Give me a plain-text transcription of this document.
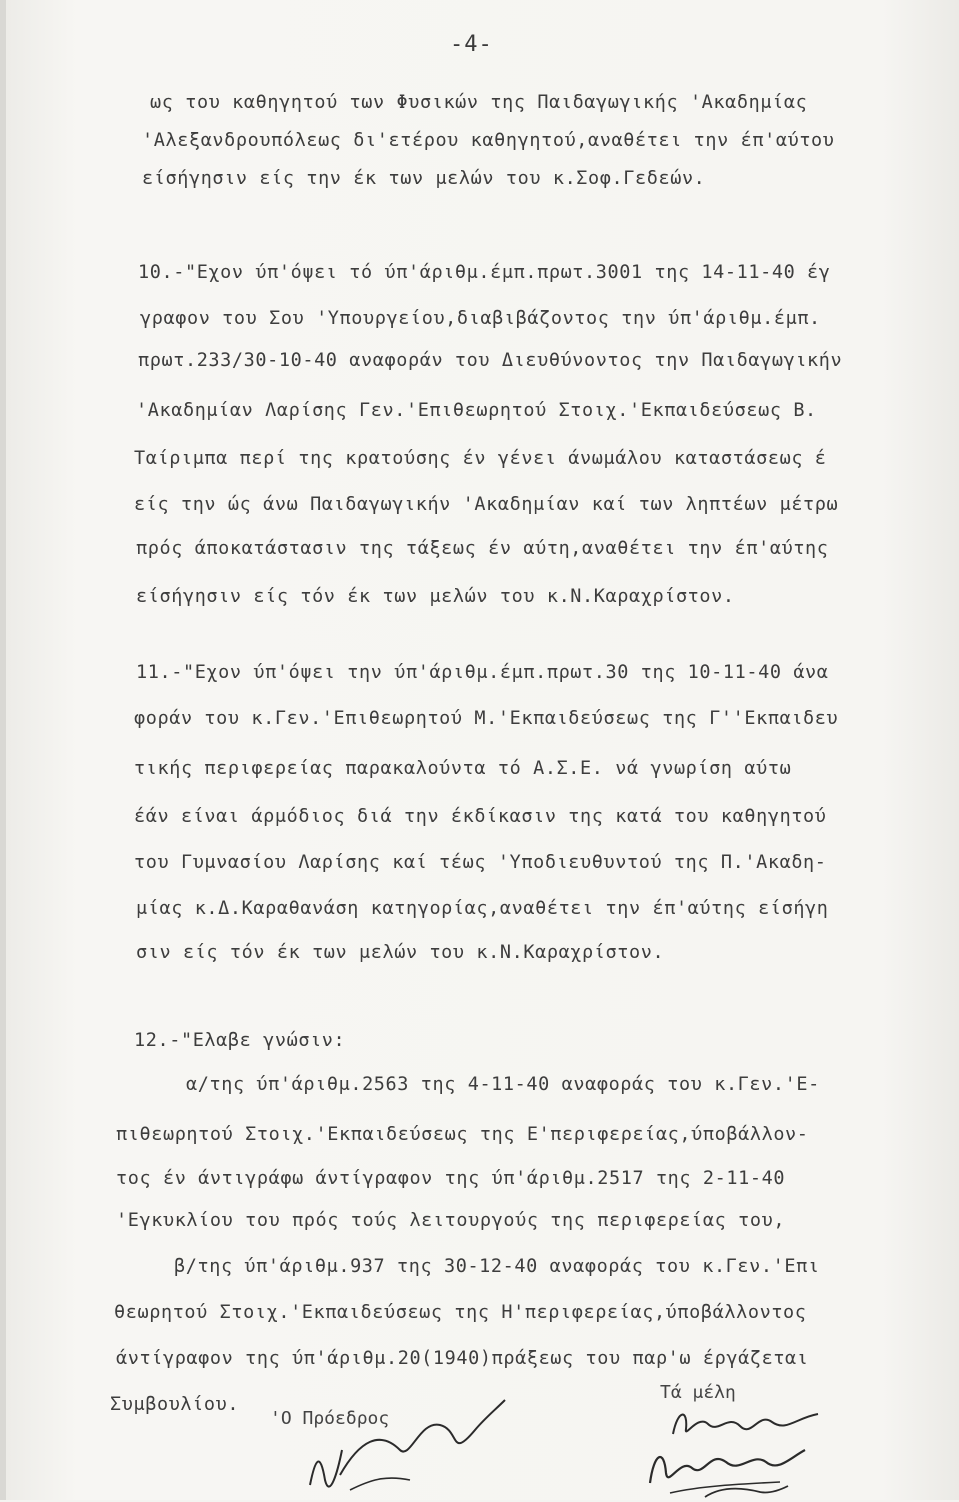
-4-
ως του καθηγητού των Φυσικών της Παιδαγωγικής 'Ακαδημίας
'Αλεξανδρουπόλεως δι'ετέρου καθηγητού,αναθέτει την έπ'αύτου
είσήγησιν είς την έκ των μελών του κ.Σοφ.Γεδεών.
10.-"Εχον ύπ'όψει τό ύπ'άριθμ.έμπ.πρωτ.3001 της 14-11-40 έγ
γραφον του Σου 'Υπουργείου,διαβιβάζοντος την ύπ'άριθμ.έμπ.
πρωτ.233/30-10-40 αναφοράν του Διευθύνοντος την Παιδαγωγικήν
'Ακαδημίαν Λαρίσης Γεν.'Επιθεωρητού Στοιχ.'Εκπαιδεύσεως Β.
Ταίριμπα περί της κρατούσης έν γένει άνωμάλου καταστάσεως έ
είς την ώς άνω Παιδαγωγικήν 'Ακαδημίαν καί των ληπτέων μέτρω
πρός άποκατάστασιν της τάξεως έν αύτη,αναθέτει την έπ'αύτης
είσήγησιν είς τόν έκ των μελών του κ.Ν.Καραχρίστον.
11.-"Εχον ύπ'όψει την ύπ'άριθμ.έμπ.πρωτ.30 της 10-11-40 άνα
φοράν του κ.Γεν.'Επιθεωρητού Μ.'Εκπαιδεύσεως της Γ''Εκπαιδευ
τικής περιφερείας παρακαλούντα τό Α.Σ.Ε. νά γνωρίση αύτω
έάν είναι άρμόδιος διά την έκδίκασιν της κατά του καθηγητού
του Γυμνασίου Λαρίσης καί τέως 'Υποδιευθυντού της Π.'Ακαδη-
μίας κ.Δ.Καραθανάση κατηγορίας,αναθέτει την έπ'αύτης είσήγη
σιν είς τόν έκ των μελών του κ.Ν.Καραχρίστον.
12.-"Ελαβε γνώσιν:
α/της ύπ'άριθμ.2563 της 4-11-40 αναφοράς του κ.Γεν.'Ε-
πιθεωρητού Στοιχ.'Εκπαιδεύσεως της Ε'περιφερείας,ύποβάλλον-
τος έν άντιγράφω άντίγραφον της ύπ'άριθμ.2517 της 2-11-40
'Εγκυκλίου του πρός τούς λειτουργούς της περιφερείας του,
β/της ύπ'άριθμ.937 της 30-12-40 αναφοράς του κ.Γεν.'Επι
θεωρητού Στοιχ.'Εκπαιδεύσεως της Η'περιφερείας,ύποβάλλοντος
άντίγραφον της ύπ'άριθμ.20(1940)πράξεως του παρ'ω έργάζεται
Συμβουλίου.
'Ο Πρόεδρος
Τά μέλη
